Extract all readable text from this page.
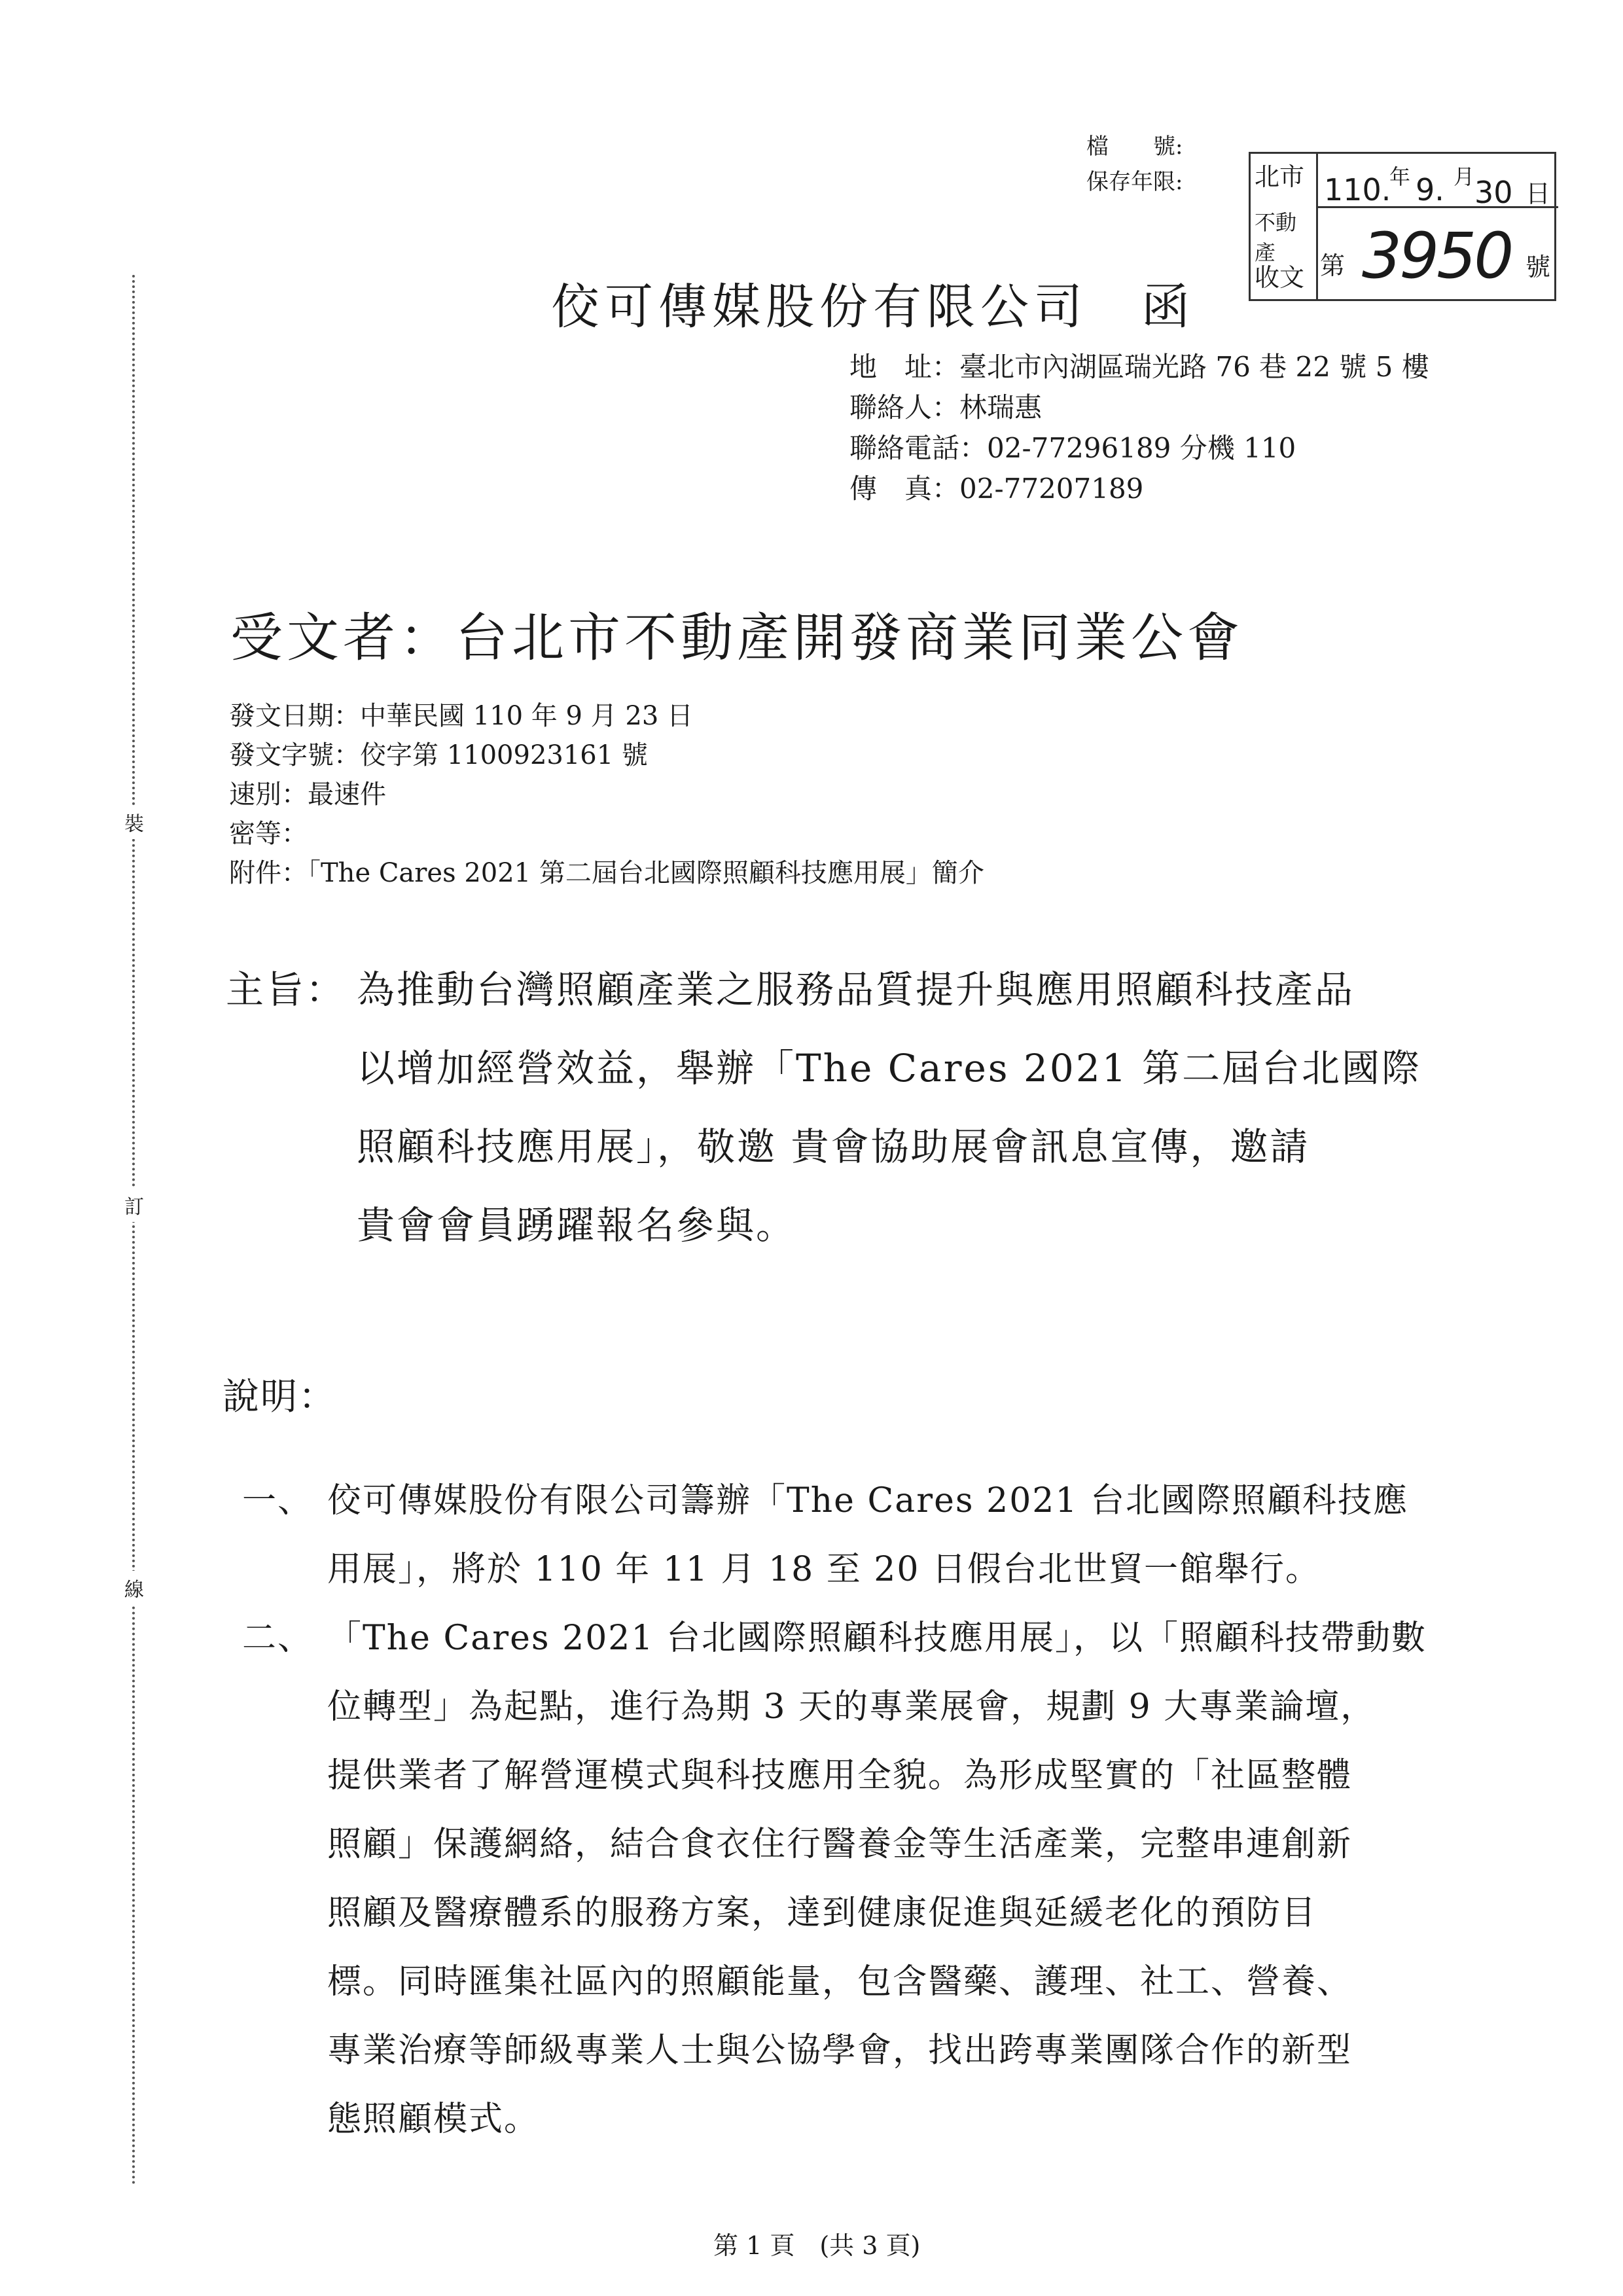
裝
訂
線
檔　　號:
保存年限:	北市
不動產
收文
110.
年 9. 月 30 日
第 3950 號
佼可傳媒股份有限公司　函
地　址：臺北市內湖區瑞光路 76 巷 22 號 5 樓
聯絡人：林瑞惠
聯絡電話：02-77296189 分機 110
傳　真：02-77207189
受文者：台北市不動產開發商業同業公會
發文日期：中華民國 110 年 9 月 23 日
發文字號：佼字第 1100923161 號
速別：最速件
密等：
附件：「The Cares 2021 第二屆台北國際照顧科技應用展」簡介
主旨： 為推動台灣照顧產業之服務品質提升與應用照顧科技產品
以增加經營效益，舉辦「The Cares 2021 第二屆台北國際
照顧科技應用展」，敬邀 貴會協助展會訊息宣傳，邀請
貴會會員踴躍報名參與。
說明：
一、 佼可傳媒股份有限公司籌辦「The Cares 2021 台北國際照顧科技應
用展」，將於 110 年 11 月 18 至 20 日假台北世貿一館舉行。
二、 「The Cares 2021 台北國際照顧科技應用展」，以「照顧科技帶動數
位轉型」為起點，進行為期 3 天的專業展會，規劃 9 大專業論壇，
提供業者了解營運模式與科技應用全貌。為形成堅實的「社區整體
照顧」保護網絡，結合食衣住行醫養金等生活產業，完整串連創新
照顧及醫療體系的服務方案，達到健康促進與延緩老化的預防目
標。同時匯集社區內的照顧能量，包含醫藥、護理、社工、營養、
專業治療等師級專業人士與公協學會，找出跨專業團隊合作的新型
態照顧模式。
第 1 頁　(共 3 頁)
